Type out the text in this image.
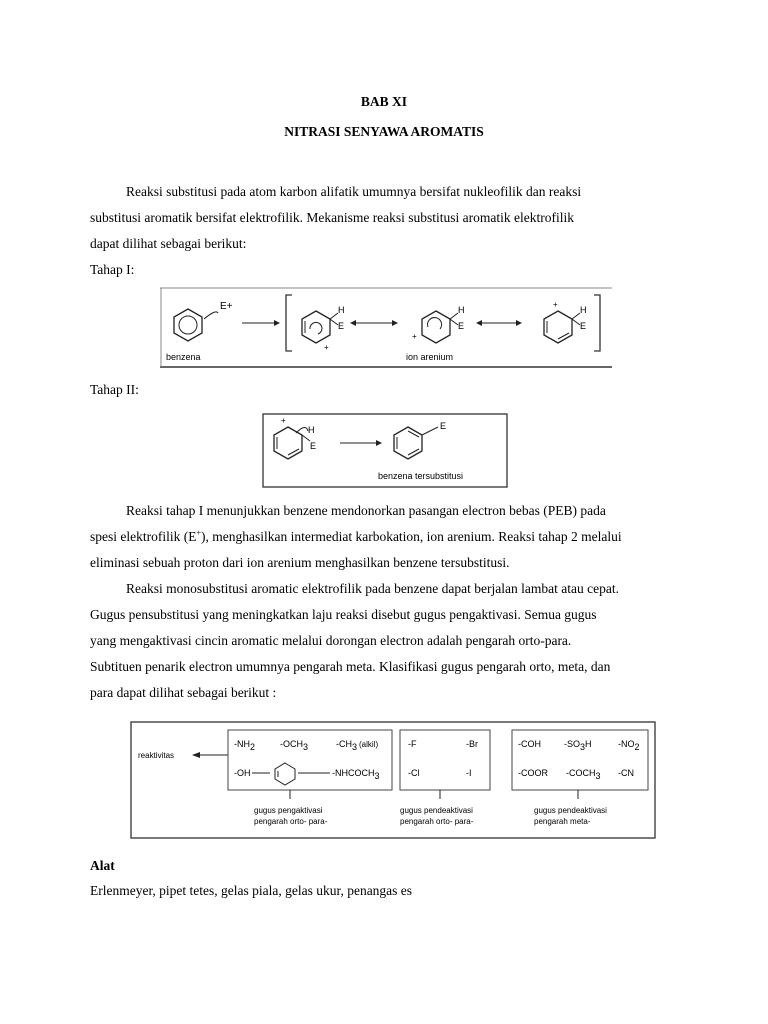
BAB XI
NITRASI SENYAWA AROMATIS
Reaksi substitusi pada atom karbon alifatik umumnya bersifat nukleofilik dan reaksi
substitusi aromatik bersifat elektrofilik. Mekanisme reaksi substitusi aromatik elektrofilik
dapat dilihat sebagai berikut:
Tahap I:
E+
benzena
H
E
+
H
E
+
ion arenium
H
E
+
Tahap II:
H
E
+
E
benzena tersubstitusi
Reaksi tahap I menunjukkan benzene mendonorkan pasangan electron bebas (PEB) pada
spesi elektrofilik (E+), menghasilkan intermediat karbokation, ion arenium. Reaksi tahap 2 melalui
eliminasi sebuah proton dari ion arenium menghasilkan benzene tersubstitusi.
Reaksi monosubstitusi aromatic elektrofilik pada benzene dapat berjalan lambat atau cepat.
Gugus pensubstitusi yang meningkatkan laju reaksi disebut gugus pengaktivasi. Semua gugus
yang mengaktivasi cincin aromatic melalui dorongan electron adalah pengarah orto-para.
Subtituen penarik electron umumnya pengarah meta. Klasifikasi gugus pengarah orto, meta, dan
para dapat dilihat sebagai berikut :
reaktivitas
-NH2	-OCH3	-CH3 (alkil)
-OH	-NHCOCH3
gugus pengaktivasi
pengarah orto- para-
-F	-Br
-Cl	-I
gugus pendeaktivasi
pengarah orto- para-
-COH	-SO3H	-NO2
-COOR -COCH3 -CN
gugus pendeaktivasi
pengarah meta-
Alat
Erlenmeyer, pipet tetes, gelas piala, gelas ukur, penangas es
